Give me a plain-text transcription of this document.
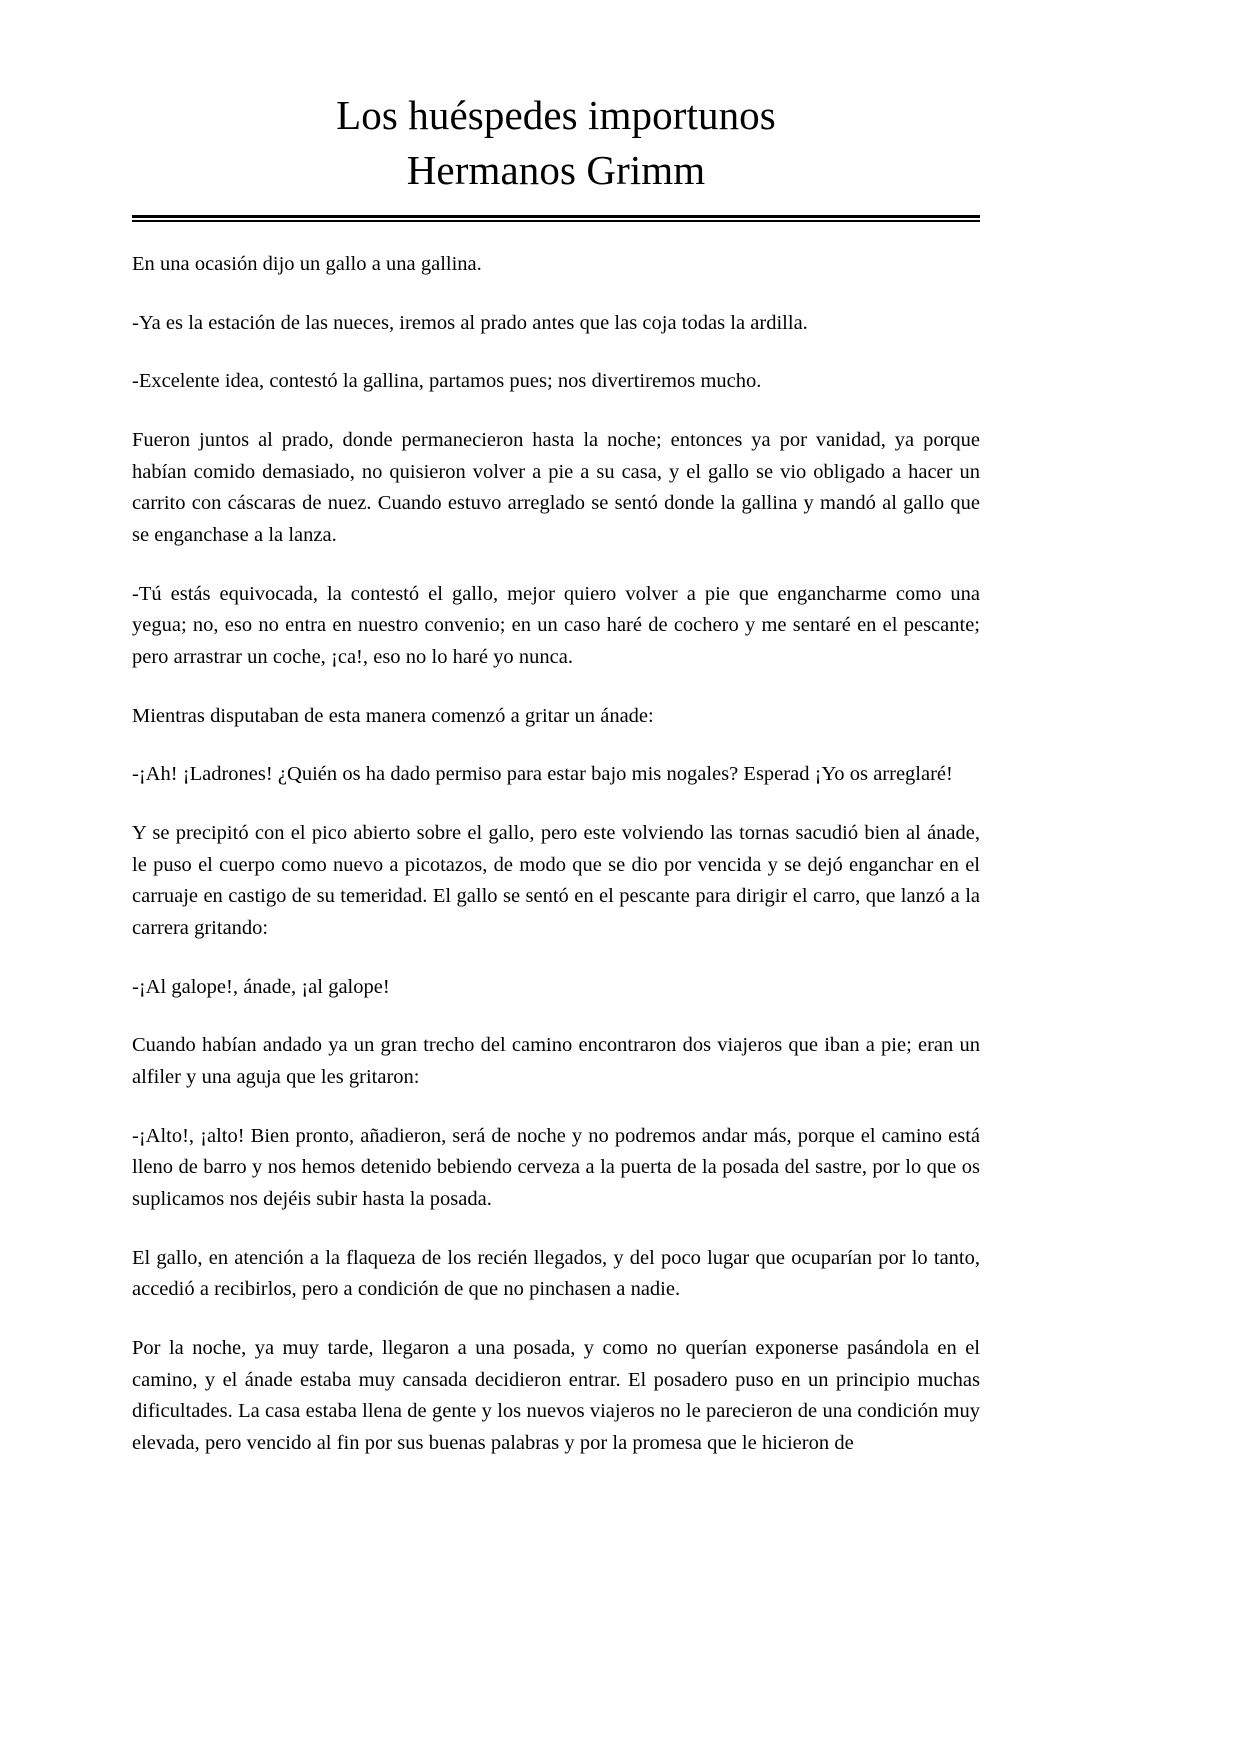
Los huéspedes importunos
Hermanos Grimm

En una ocasión dijo un gallo a una gallina.

-Ya es la estación de las nueces, iremos al prado antes que las coja todas la ardilla.

-Excelente idea, contestó la gallina, partamos pues; nos divertiremos mucho.

Fueron juntos al prado, donde permanecieron hasta la noche; entonces ya por vanidad, ya porque habían comido demasiado, no quisieron volver a pie a su casa, y el gallo se vio obligado a hacer un carrito con cáscaras de nuez. Cuando estuvo arreglado se sentó donde la gallina y mandó al gallo que se enganchase a la lanza.

-Tú estás equivocada, la contestó el gallo, mejor quiero volver a pie que engancharme como una yegua; no, eso no entra en nuestro convenio; en un caso haré de cochero y me sentaré en el pescante; pero arrastrar un coche, ¡ca!, eso no lo haré yo nunca.

Mientras disputaban de esta manera comenzó a gritar un ánade:

-¡Ah! ¡Ladrones! ¿Quién os ha dado permiso para estar bajo mis nogales? Esperad ¡Yo os arreglaré!

Y se precipitó con el pico abierto sobre el gallo, pero este volviendo las tornas sacudió bien al ánade, le puso el cuerpo como nuevo a picotazos, de modo que se dio por vencida y se dejó enganchar en el carruaje en castigo de su temeridad. El gallo se sentó en el pescante para dirigir el carro, que lanzó a la carrera gritando:

-¡Al galope!, ánade, ¡al galope!

Cuando habían andado ya un gran trecho del camino encontraron dos viajeros que iban a pie; eran un alfiler y una aguja que les gritaron:

-¡Alto!, ¡alto! Bien pronto, añadieron, será de noche y no podremos andar más, porque el camino está lleno de barro y nos hemos detenido bebiendo cerveza a la puerta de la posada del sastre, por lo que os suplicamos nos dejéis subir hasta la posada.

El gallo, en atención a la flaqueza de los recién llegados, y del poco lugar que ocuparían por lo tanto, accedió a recibirlos, pero a condición de que no pinchasen a nadie.

Por la noche, ya muy tarde, llegaron a una posada, y como no querían exponerse pasándola en el camino, y el ánade estaba muy cansada decidieron entrar. El posadero puso en un principio muchas dificultades. La casa estaba llena de gente y los nuevos viajeros no le parecieron de una condición muy elevada, pero vencido al fin por sus buenas palabras y por la promesa que le hicieron de
